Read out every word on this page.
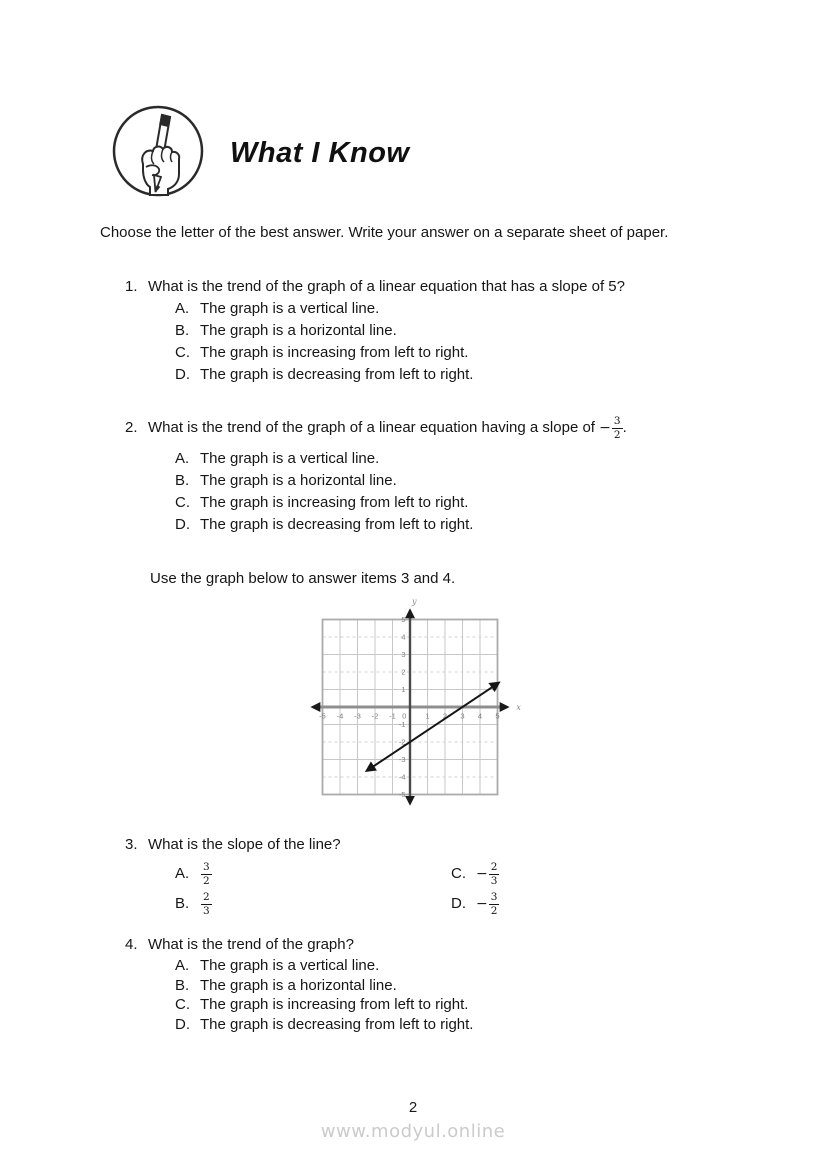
What I Know
Choose the letter of the best answer. Write your answer on a separate sheet of paper.
1. What is the trend of the graph of a linear equation that has a slope of 5?
A. The graph is a vertical line.
B. The graph is a horizontal line.
C. The graph is increasing from left to right.
D. The graph is decreasing from left to right.
2. What is the trend of the graph of a linear equation having a slope of − $\frac{3}{2}$ .
A. The graph is a vertical line.
B. The graph is a horizontal line.
C. The graph is increasing from left to right.
D. The graph is decreasing from left to right.
Use the graph below to answer items 3 and 4.
x
y
-5 -4 -3 -2 -1 0	1 2 3 4 5
5
4
3
2
1
-1
-2
-3
-4
-5
3. What is the slope of the line?
A.	$\frac{3}{2}$	C. − $\frac{2}{3}$
B.	$\frac{2}{3}$	D. − $\frac{3}{2}$
4. What is the trend of the graph?
A. The graph is a vertical line.
B. The graph is a horizontal line.
C. The graph is increasing from left to right.
D. The graph is decreasing from left to right.
2
www.modyul.online
